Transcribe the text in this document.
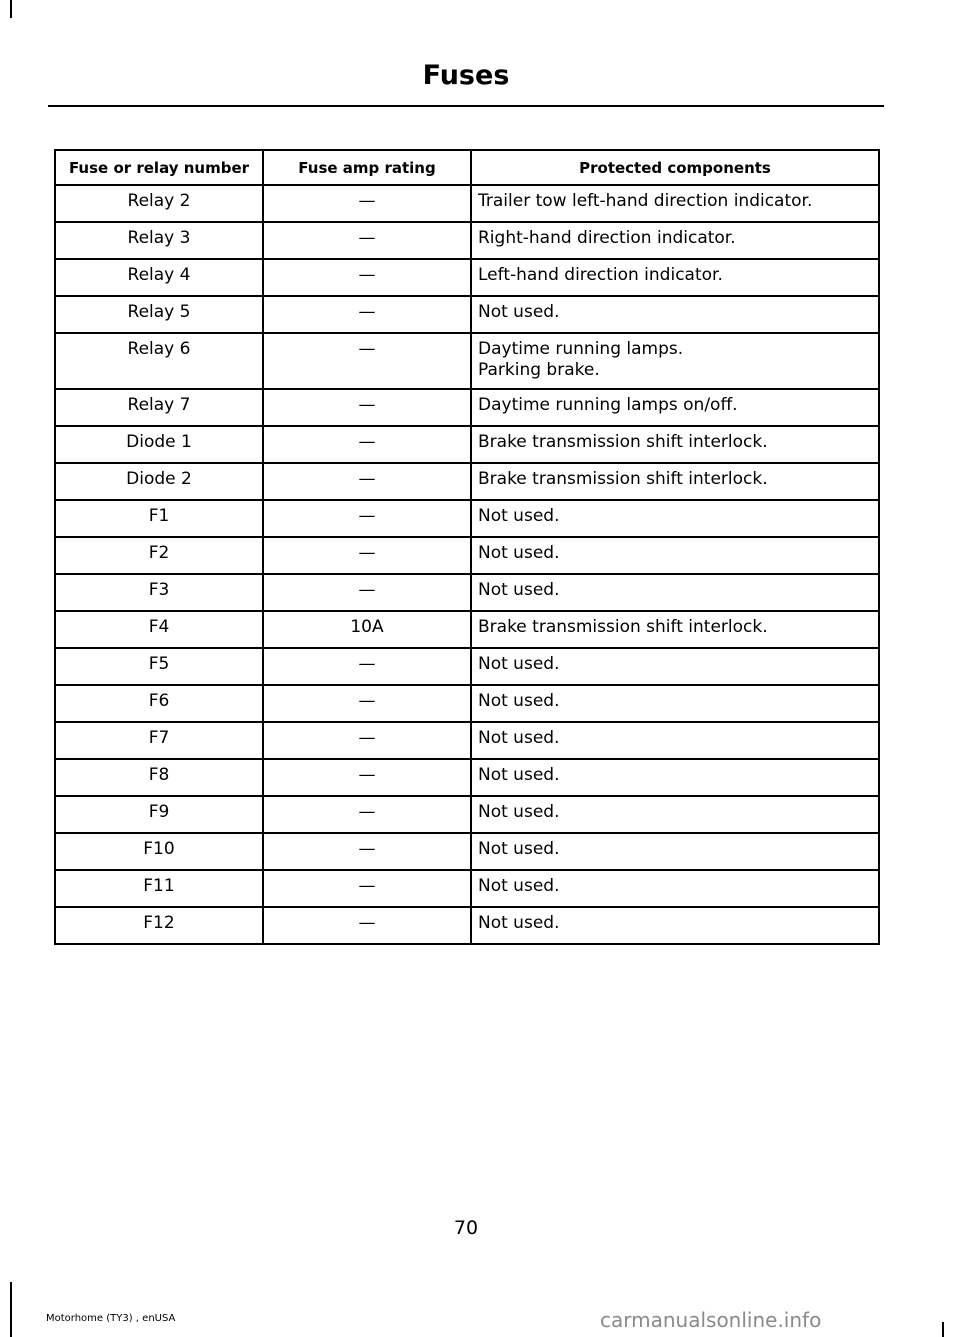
Fuses
Fuse or relay number	Fuse amp rating	Protected components
Relay 2	—	Trailer tow left-hand direction indicator.
Relay 3	—	Right-hand direction indicator.
Relay 4	—	Left-hand direction indicator.
Relay 5	—	Not used.
Relay 6	—	Daytime running lamps.
Parking brake.
Relay 7	—	Daytime running lamps on/off.
Diode 1	—	Brake transmission shift interlock.
Diode 2	—	Brake transmission shift interlock.
F1	—	Not used.
F2	—	Not used.
F3	—	Not used.
F4	10A	Brake transmission shift interlock.
F5	—	Not used.
F6	—	Not used.
F7	—	Not used.
F8	—	Not used.
F9	—	Not used.
F10	—	Not used.
F11	—	Not used.
F12	—	Not used.
70
Motorhome (TY3) , enUSA	carmanualsonline.info
